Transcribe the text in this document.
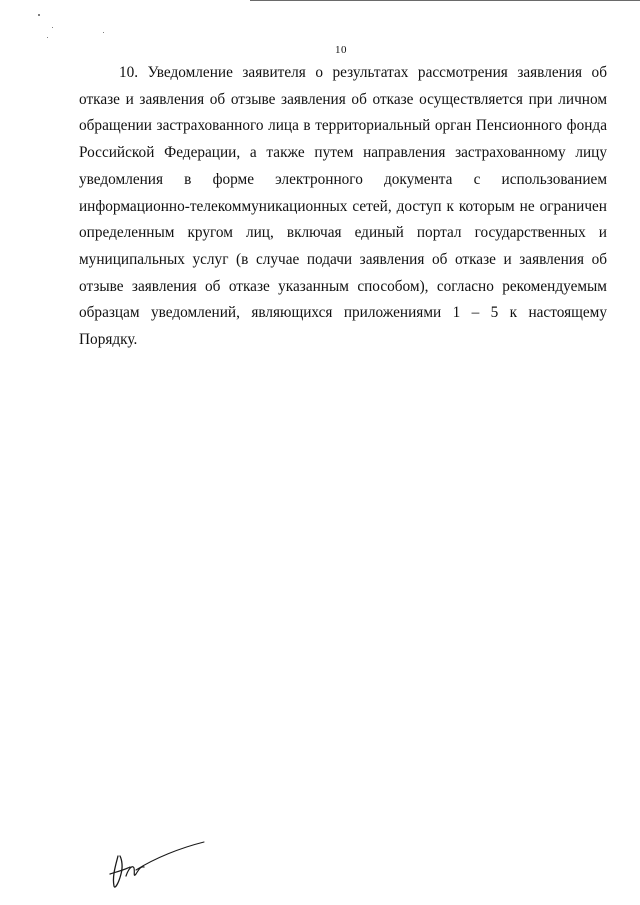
10

10. Уведомление заявителя о результатах рассмотрения заявления об отказе и заявления об отзыве заявления об отказе осуществляется при личном обращении застрахованного лица в территориальный орган Пенсионного фонда Российской Федерации, а также путем направления застрахованному лицу уведомления в форме электронного документа с использованием информационно-телекоммуникационных сетей, доступ к которым не ограничен определенным кругом лиц, включая единый портал государственных и муниципальных услуг (в случае подачи заявления об отказе и заявления об отзыве заявления об отказе указанным способом), согласно рекомендуемым образцам уведомлений, являющихся приложениями 1 – 5 к настоящему Порядку.
